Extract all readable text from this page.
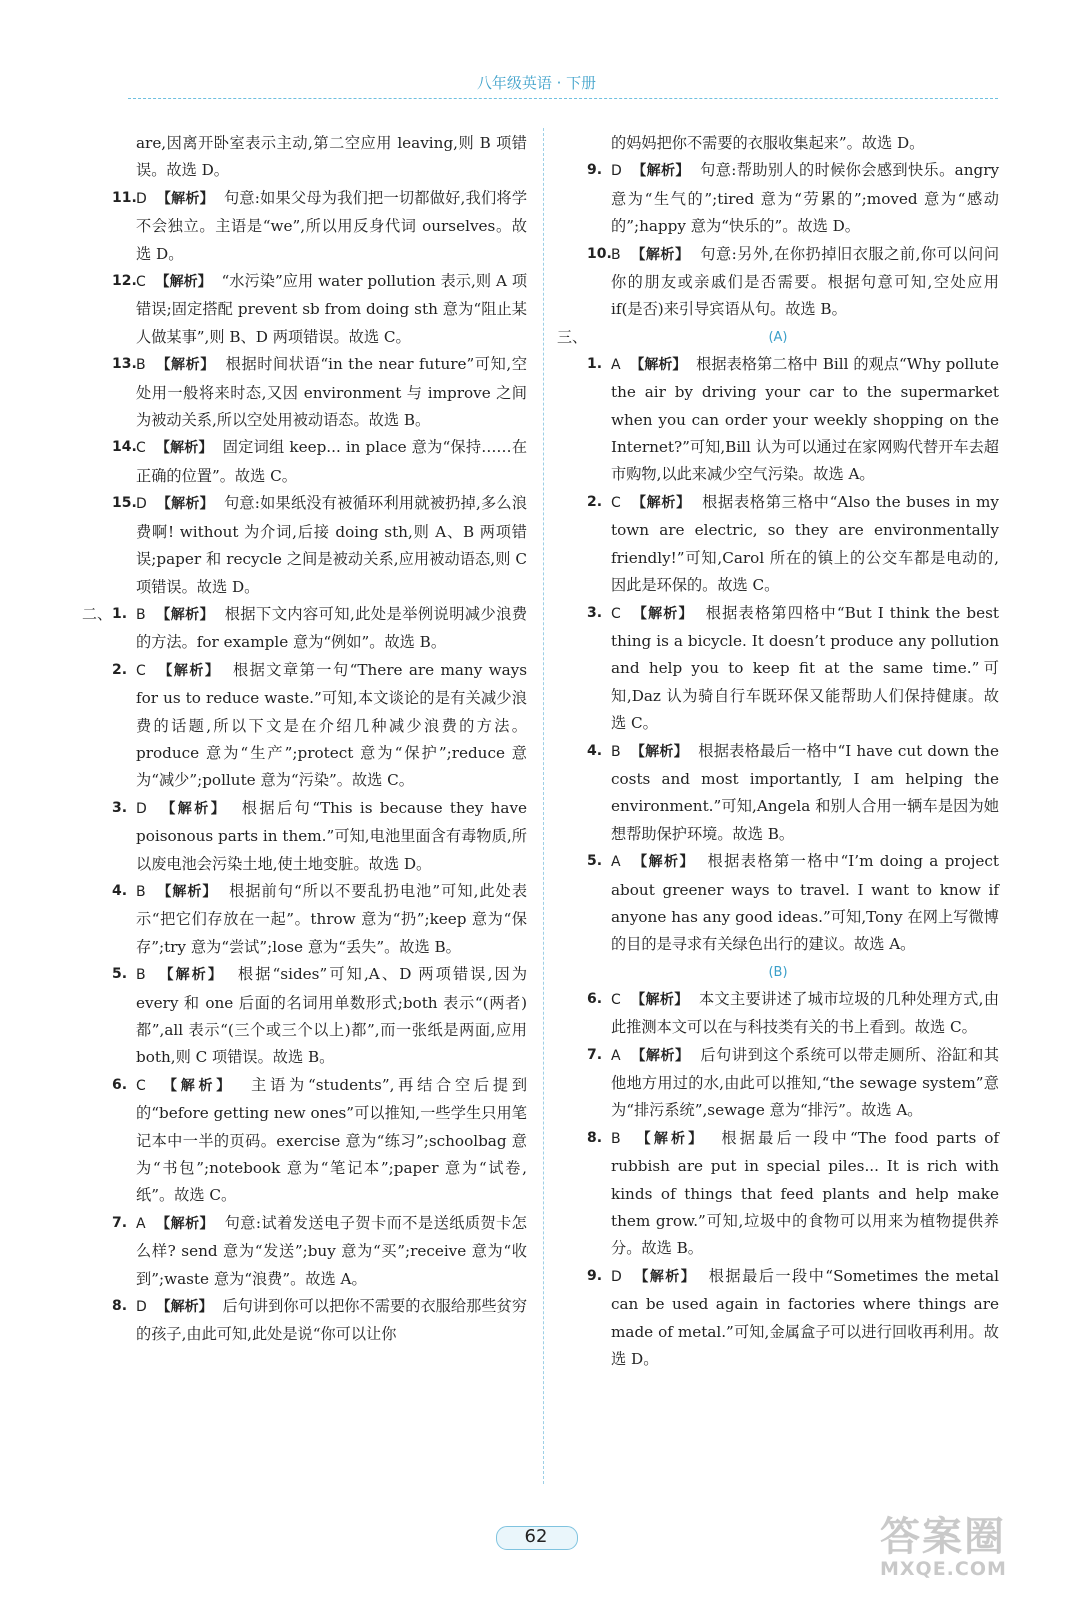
八年级英语 · 下册

are,因离开卧室表示主动,第二空应用 leaving,则 B 项错误。故选 D。

11. D 【解析】 句意:如果父母为我们把一切都做好,我们将学不会独立。主语是“we”,所以用反身代词 ourselves。故选 D。

12. C 【解析】 “水污染”应用 water pollution 表示,则 A 项错误;固定搭配 prevent sb from doing sth 意为“阻止某人做某事”,则 B、D 两项错误。故选 C。

13. B 【解析】 根据时间状语“in the near future”可知,空处用一般将来时态,又因 environment 与 improve 之间为被动关系,所以空处用被动语态。故选 B。

14. C 【解析】 固定词组 keep... in place 意为“保持……在正确的位置”。故选 C。

15. D 【解析】 句意:如果纸没有被循环利用就被扔掉,多么浪费啊! without 为介词,后接 doing sth,则 A、B 两项错误;paper 和 recycle 之间是被动关系,应用被动语态,则 C 项错误。故选 D。

二、 1. B 【解析】 根据下文内容可知,此处是举例说明减少浪费的方法。for example 意为“例如”。故选 B。

2. C 【解析】 根据文章第一句“There are many ways for us to reduce waste.”可知,本文谈论的是有关减少浪费的话题,所以下文是在介绍几种减少浪费的方法。produce 意为“生产”;protect 意为“保护”;reduce 意为“减少”;pollute 意为“污染”。故选 C。

3. D 【解析】 根据后句“This is because they have poisonous parts in them.”可知,电池里面含有毒物质,所以废电池会污染土地,使土地变脏。故选 D。

4. B 【解析】 根据前句“所以不要乱扔电池”可知,此处表示“把它们存放在一起”。throw 意为“扔”;keep 意为“保存”;try 意为“尝试”;lose 意为“丢失”。故选 B。

5. B 【解析】 根据“sides”可知,A、D 两项错误,因为 every 和 one 后面的名词用单数形式;both 表示“(两者)都”,all 表示“(三个或三个以上)都”,而一张纸是两面,应用 both,则 C 项错误。故选 B。

6. C 【解析】 主语为“students”,再结合空后提到的“before getting new ones”可以推知,一些学生只用笔记本中一半的页码。exercise 意为“练习”;schoolbag 意为“书包”;notebook 意为“笔记本”;paper 意为“试卷,纸”。故选 C。

7. A 【解析】 句意:试着发送电子贺卡而不是送纸质贺卡怎么样? send 意为“发送”;buy 意为“买”;receive 意为“收到”;waste 意为“浪费”。故选 A。

8. D 【解析】 后句讲到你可以把你不需要的衣服给那些贫穷的孩子,由此可知,此处是说“你可以让你

的妈妈把你不需要的衣服收集起来”。故选 D。

9. D 【解析】 句意:帮助别人的时候你会感到快乐。angry 意为“生气的”;tired 意为“劳累的”;moved 意为“感动的”;happy 意为“快乐的”。故选 D。

10. B 【解析】 句意:另外,在你扔掉旧衣服之前,你可以问问你的朋友或亲戚们是否需要。根据句意可知,空处应用 if(是否)来引导宾语从句。故选 B。

三、	(A)

1. A 【解析】 根据表格第二格中 Bill 的观点“Why pollute the air by driving your car to the supermarket when you can order your weekly shopping on the Internet?”可知,Bill 认为可以通过在家网购代替开车去超市购物,以此来减少空气污染。故选 A。

2. C 【解析】 根据表格第三格中“Also the buses in my town are electric, so they are environmentally friendly!”可知,Carol 所在的镇上的公交车都是电动的,因此是环保的。故选 C。

3. C 【解析】 根据表格第四格中“But I think the best thing is a bicycle. It doesn’t produce any pollution and help you to keep fit at the same time.”可知,Daz 认为骑自行车既环保又能帮助人们保持健康。故选 C。

4. B 【解析】 根据表格最后一格中“I have cut down the costs and most importantly, I am helping the environment.”可知,Angela 和别人合用一辆车是因为她想帮助保护环境。故选 B。

5. A 【解析】 根据表格第一格中“I’m doing a project about greener ways to travel. I want to know if anyone has any good ideas.”可知,Tony 在网上写微博的目的是寻求有关绿色出行的建议。故选 A。

(B)

6. C 【解析】 本文主要讲述了城市垃圾的几种处理方式,由此推测本文可以在与科技类有关的书上看到。故选 C。

7. A 【解析】 后句讲到这个系统可以带走厕所、浴缸和其他地方用过的水,由此可以推知,“the sewage system”意为“排污系统”,sewage 意为“排污”。故选 A。

8. B 【解析】 根据最后一段中“The food parts of rubbish are put in special piles... It is rich with kinds of things that feed plants and help make them grow.”可知,垃圾中的食物可以用来为植物提供养分。故选 B。

9. D 【解析】 根据最后一段中“Sometimes the metal can be used again in factories where things are made of metal.”可知,金属盒子可以进行回收再利用。故选 D。

62	答案圈
MXQE.COM
